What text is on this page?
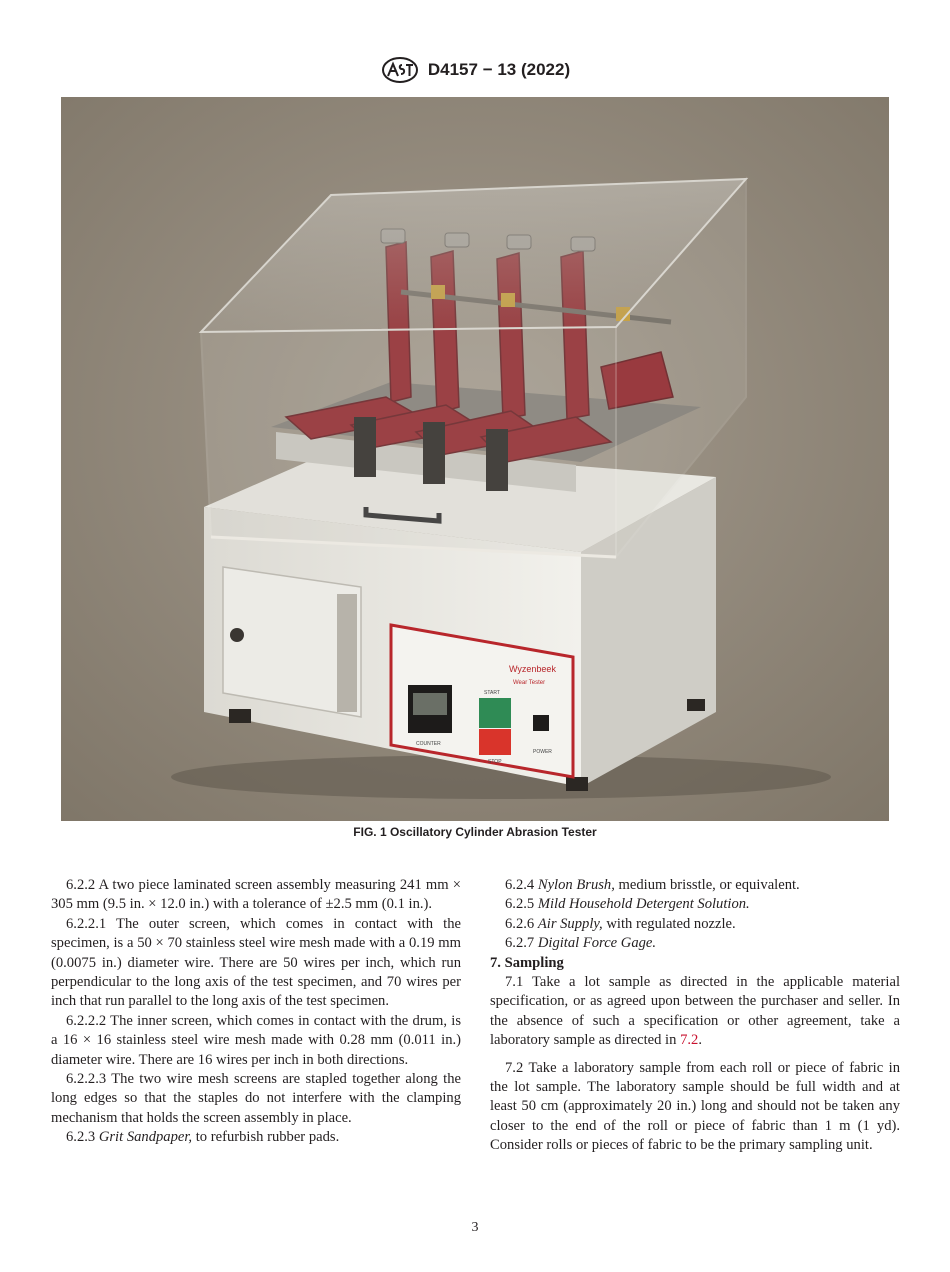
D4157 − 13 (2022)
Wyzenbeek
Wear Tester
COUNTER
START
STOP
POWER
FIG. 1 Oscillatory Cylinder Abrasion Tester

6.2.2 A two piece laminated screen assembly measuring 241 mm × 305 mm (9.5 in. × 12.0 in.) with a tolerance of ±2.5 mm (0.1 in.).

6.2.2.1 The outer screen, which comes in contact with the specimen, is a 50 × 70 stainless steel wire mesh made with a 0.19 mm (0.0075 in.) diameter wire. There are 50 wires per inch, which run perpendicular to the long axis of the test specimen, and 70 wires per inch that run parallel to the long axis of the test specimen.

6.2.2.2 The inner screen, which comes in contact with the drum, is a 16 × 16 stainless steel wire mesh made with 0.28 mm (0.011 in.) diameter wire. There are 16 wires per inch in both directions.

6.2.2.3 The two wire mesh screens are stapled together along the long edges so that the staples do not interfere with the clamping mechanism that holds the screen assembly in place.

6.2.3 Grit Sandpaper, to refurbish rubber pads.

6.2.4 Nylon Brush, medium brisstle, or equivalent.

6.2.5 Mild Household Detergent Solution.

6.2.6 Air Supply, with regulated nozzle.

6.2.7 Digital Force Gage.

7. Sampling

7.1 Take a lot sample as directed in the applicable material specification, or as agreed upon between the purchaser and seller. In the absence of such a specification or other agreement, take a laboratory sample as directed in 7.2.

7.2 Take a laboratory sample from each roll or piece of fabric in the lot sample. The laboratory sample should be full width and at least 50 cm (approximately 20 in.) long and should not be taken any closer to the end of the roll or piece of fabric than 1 m (1 yd). Consider rolls or pieces of fabric to be the primary sampling unit.

3
